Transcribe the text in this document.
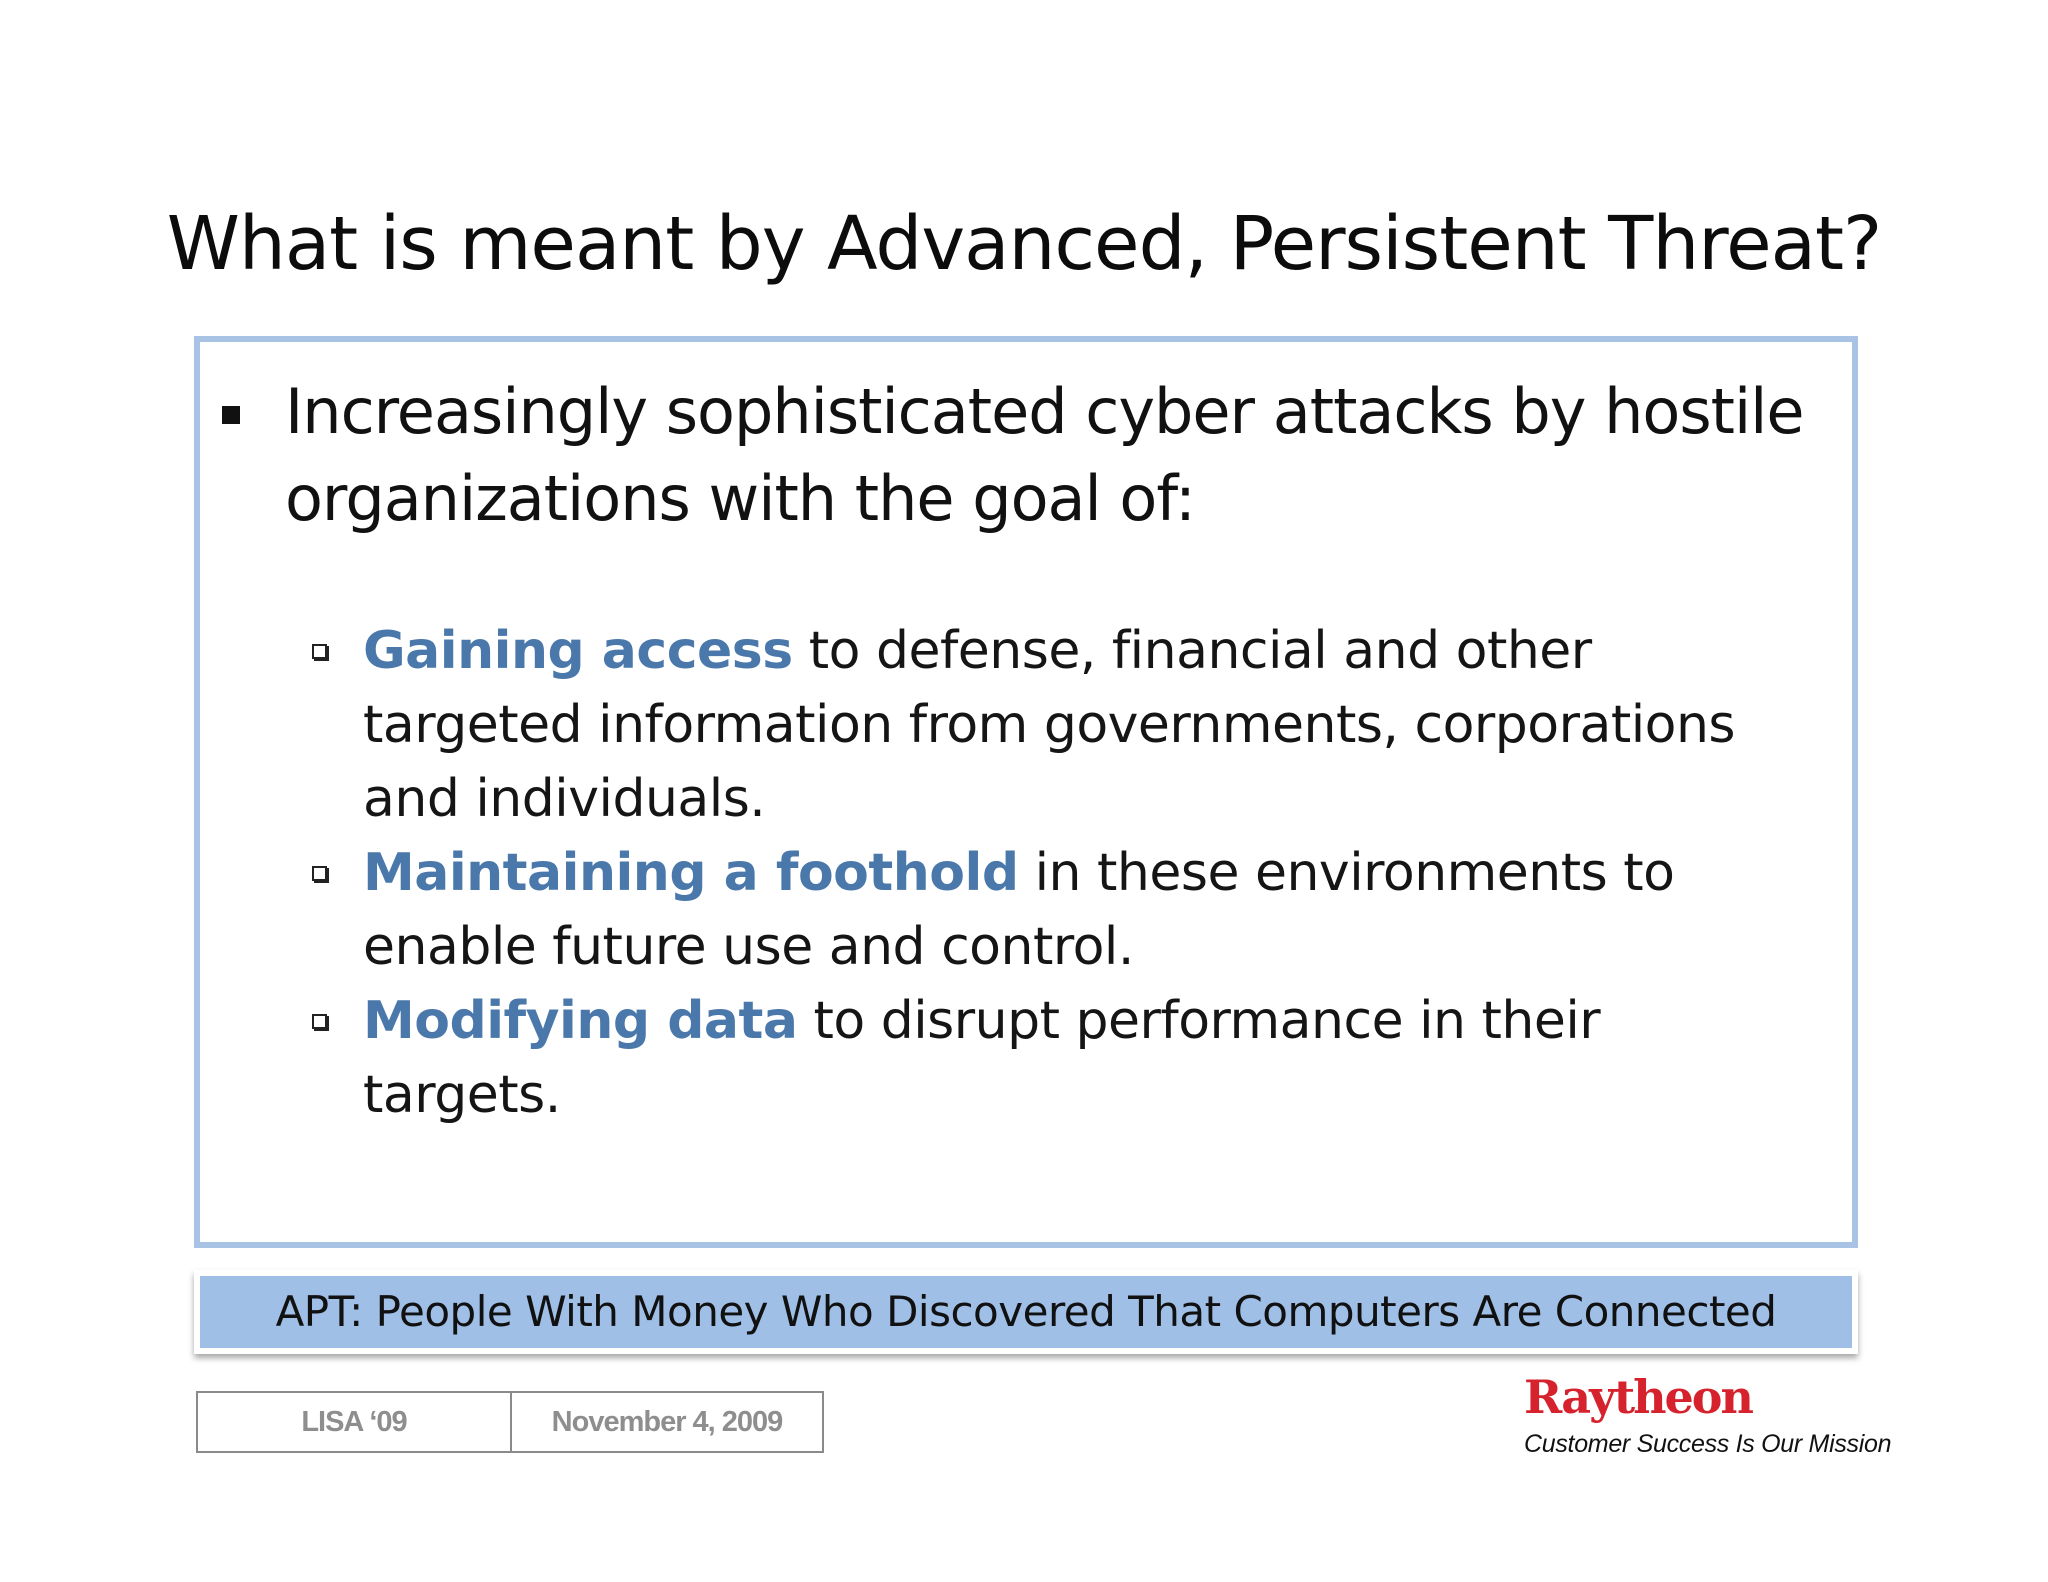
What is meant by Advanced, Persistent Threat?
Increasingly sophisticated cyber attacks by hostile organizations with the goal of:
Gaining access to defense, financial and other targeted information from governments, corporations and individuals.
Maintaining a foothold in these environments to enable future use and control.
Modifying data to disrupt performance in their targets.
APT: People With Money Who Discovered That Computers Are Connected
LISA ‘09	November 4, 2009	Raytheon
Customer Success Is Our Mission
